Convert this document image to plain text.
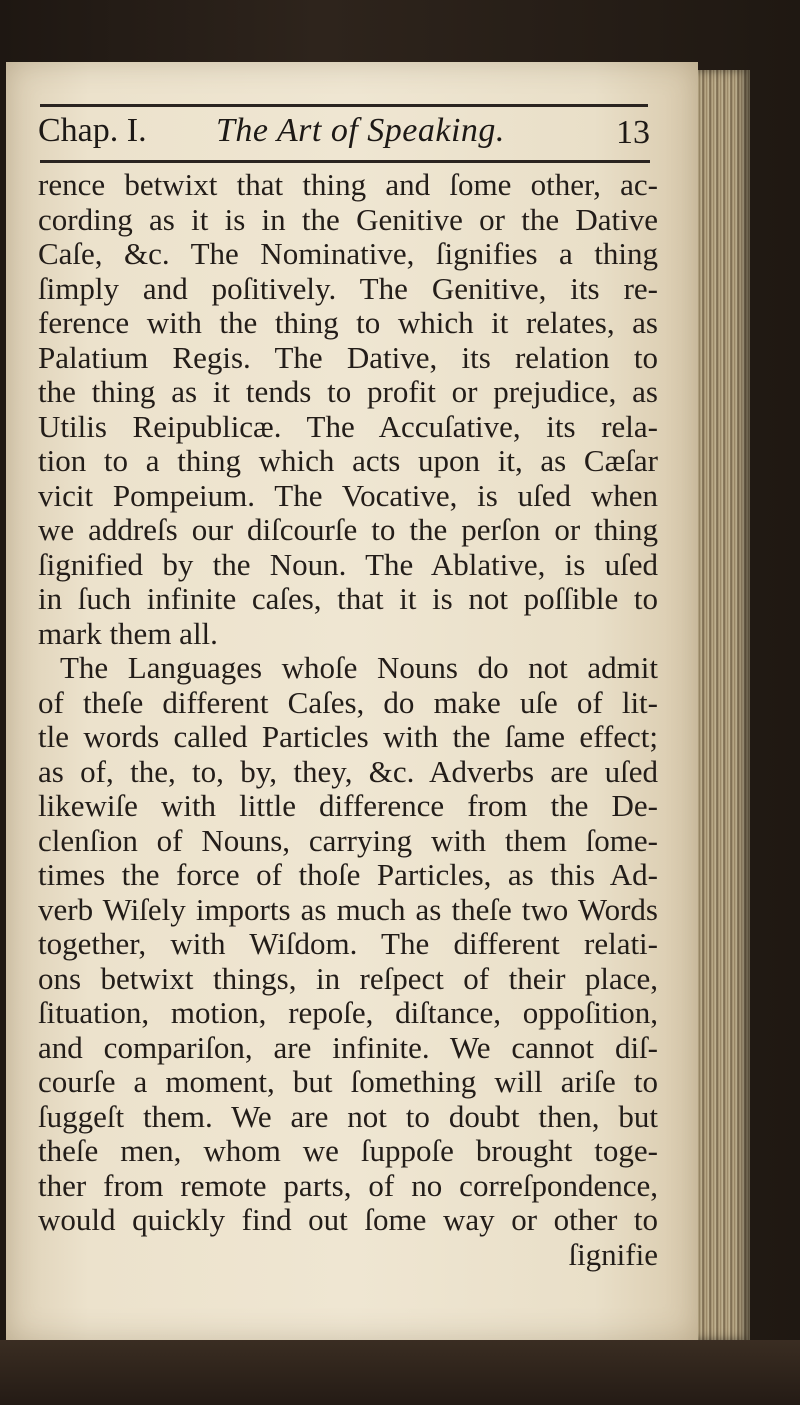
Chap. I. The Art of Speaking.	13
rence betwixt that thing and ſome other, ac-
cording as it is in the Genitive or the Dative
Caſe, &c. The Nominative, ſignifies a thing
ſimply and poſitively. The Genitive, its re-
ference with the thing to which it relates, as
Palatium Regis. The Dative, its relation to
the thing as it tends to profit or prejudice, as
Utilis Reipublicæ. The Accuſative, its rela-
tion to a thing which acts upon it, as Cæſar
vicit Pompeium. The Vocative, is uſed when
we addreſs our diſcourſe to the perſon or thing
ſignified by the Noun. The Ablative, is uſed
in ſuch infinite caſes, that it is not poſſible to
mark them all.
The Languages whoſe Nouns do not admit
of theſe different Caſes, do make uſe of lit-
tle words called Particles with the ſame effect;
as of, the, to, by, they, &c. Adverbs are uſed
likewiſe with little difference from the De-
clenſion of Nouns, carrying with them ſome-
times the force of thoſe Particles, as this Ad-
verb Wiſely imports as much as theſe two Words
together, with Wiſdom. The different relati-
ons betwixt things, in reſpect of their place,
ſituation, motion, repoſe, diſtance, oppoſition,
and compariſon, are infinite. We cannot diſ-
courſe a moment, but ſomething will ariſe to
ſuggeſt them. We are not to doubt then, but
theſe men, whom we ſuppoſe brought toge-
ther from remote parts, of no correſpondence,
would quickly find out ſome way or other to
ſignifie
